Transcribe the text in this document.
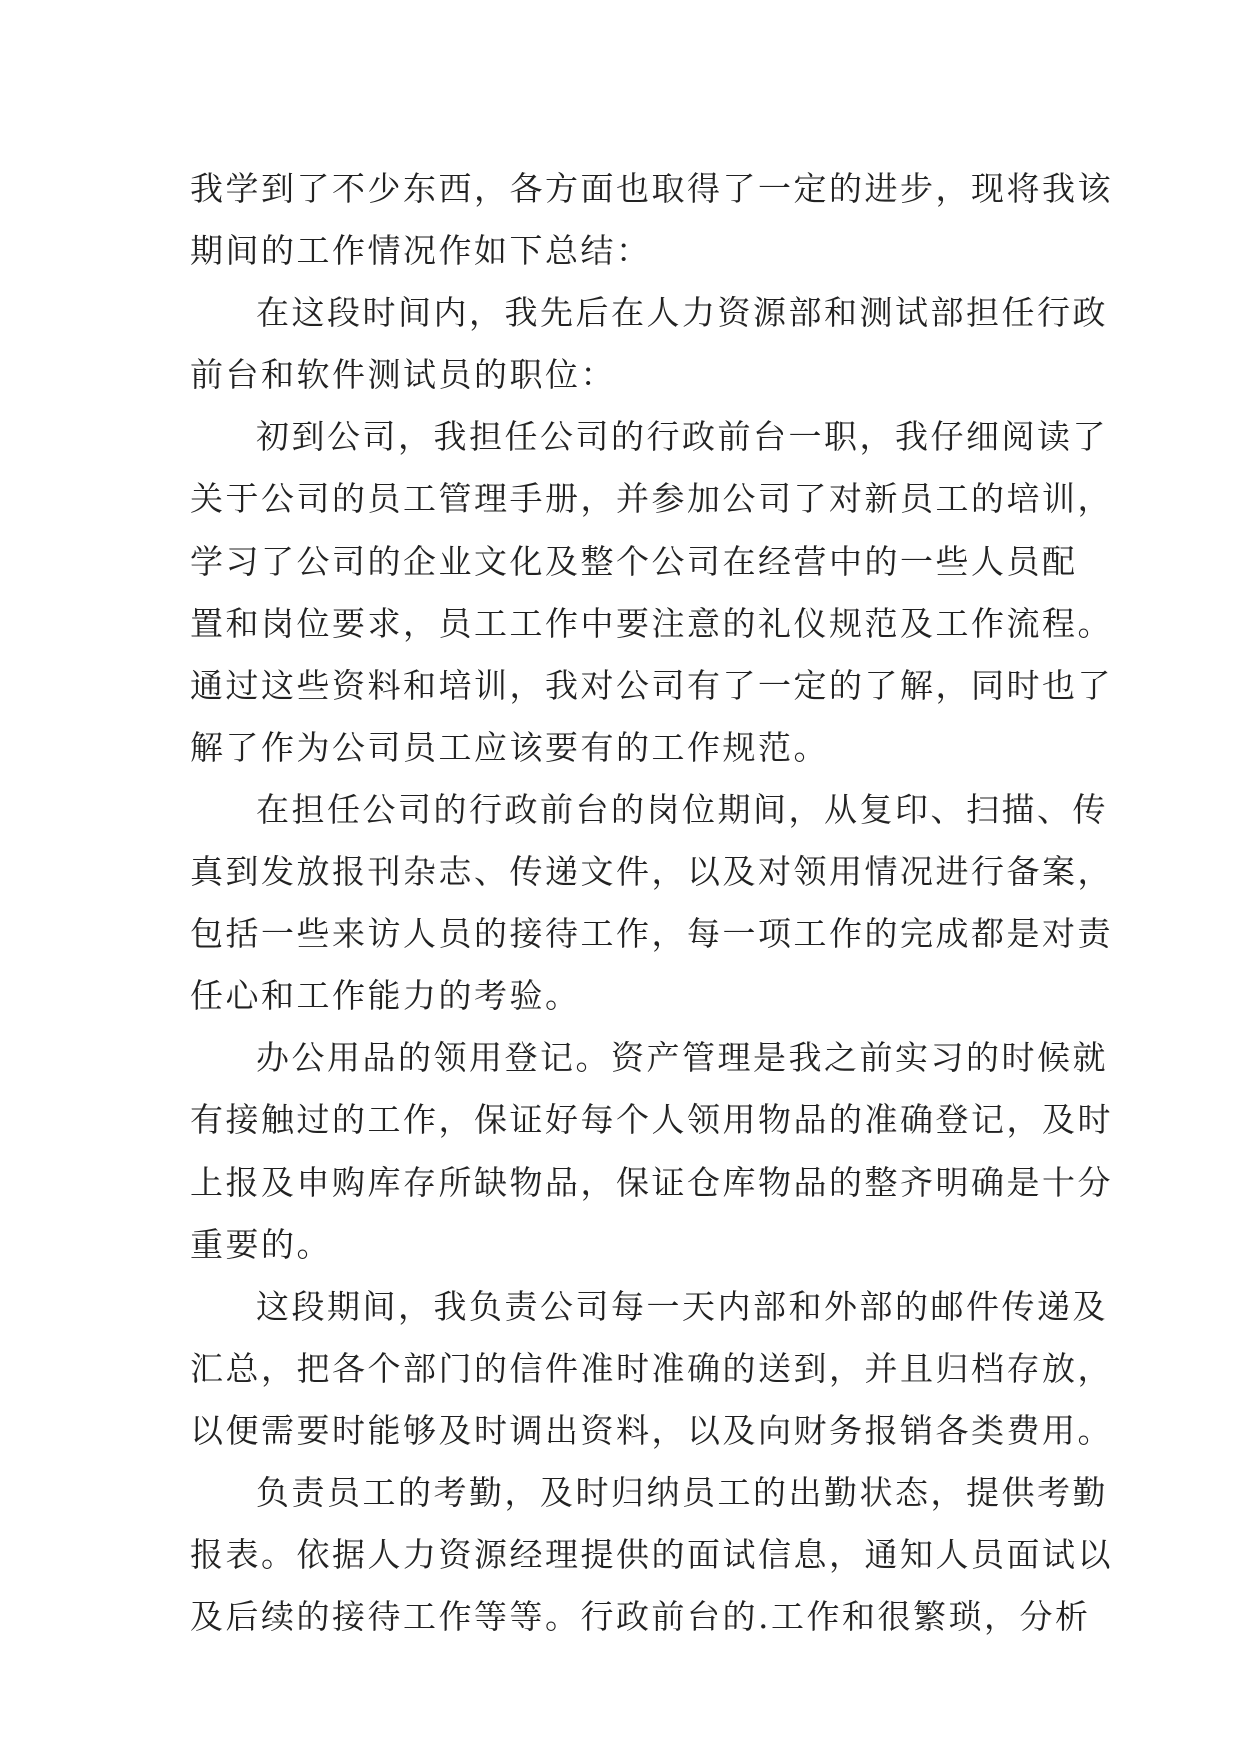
我学到了不少东西，各方面也取得了一定的进步，现将我该
期间的工作情况作如下总结：
在这段时间内，我先后在人力资源部和测试部担任行政
前台和软件测试员的职位：
初到公司，我担任公司的行政前台一职，我仔细阅读了
关于公司的员工管理手册，并参加公司了对新员工的培训，
学习了公司的企业文化及整个公司在经营中的一些人员配
置和岗位要求，员工工作中要注意的礼仪规范及工作流程。
通过这些资料和培训，我对公司有了一定的了解，同时也了
解了作为公司员工应该要有的工作规范。
在担任公司的行政前台的岗位期间，从复印、扫描、传
真到发放报刊杂志、传递文件，以及对领用情况进行备案，
包括一些来访人员的接待工作，每一项工作的完成都是对责
任心和工作能力的考验。
办公用品的领用登记。资产管理是我之前实习的时候就
有接触过的工作，保证好每个人领用物品的准确登记，及时
上报及申购库存所缺物品，保证仓库物品的整齐明确是十分
重要的。
这段期间，我负责公司每一天内部和外部的邮件传递及
汇总，把各个部门的信件准时准确的送到，并且归档存放，
以便需要时能够及时调出资料，以及向财务报销各类费用。
负责员工的考勤，及时归纳员工的出勤状态，提供考勤
报表。依据人力资源经理提供的面试信息，通知人员面试以
及后续的接待工作等等。行政前台的.工作和很繁琐，分析
